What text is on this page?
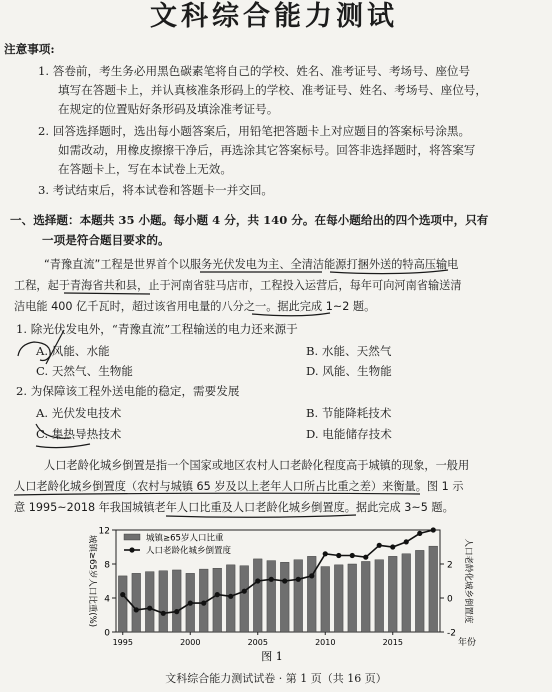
文科综合能力测试
注意事项:
1. 答卷前，考生务必用黑色碳素笔将自己的学校、姓名、准考证号、考场号、座位号
填写在答题卡上，并认真核准条形码上的学校、准考证号、姓名、考场号、座位号，
在规定的位置贴好条形码及填涂准考证号。
2. 回答选择题时，选出每小题答案后，用铅笔把答题卡上对应题目的答案标号涂黑。
如需改动，用橡皮擦擦干净后，再选涂其它答案标号。回答非选择题时，将答案写
在答题卡上，写在本试卷上无效。
3. 考试结束后，将本试卷和答题卡一并交回。
一、选择题：本题共 35 小题。每小题 4 分，共 140 分。在每小题给出的四个选项中，只有
一项是符合题目要求的。
“青豫直流”工程是世界首个以服务光伏发电为主、全清洁能源打捆外送的特高压输电
工程，起于青海省共和县，止于河南省驻马店市，工程投入运营后，每年可向河南省输送清
洁电能 400 亿千瓦时，超过该省用电量的八分之一。据此完成 1~2 题。
1. 除光伏发电外，“青豫直流”工程输送的电力还来源于
A. 风能、水能	B. 水能、天然气
C. 天然气、生物能	D. 风能、生物能
2. 为保障该工程外送电能的稳定，需要发展
A. 光伏发电技术	B. 节能降耗技术
C. 集热导热技术	D. 电能储存技术
人口老龄化城乡倒置是指一个国家或地区农村人口老龄化程度高于城镇的现象，一般用
人口老龄化城乡倒置度（农村与城镇 65 岁及以上老年人口所占比重之差）来衡量。图 1 示
意 1995~2018 年我国城镇老年人口比重及人口老龄化城乡倒置度。据此完成 3~5 题。
0
4
8
12
-2
0
2
1995	2000	2005	2010	2015	年份
城镇≥65岁人口比重(%)	人口老龄化城乡倒置度
城镇≥65岁人口比重
人口老龄化城乡倒置度
图 1
文科综合能力测试试卷 · 第 1 页（共 16 页）
